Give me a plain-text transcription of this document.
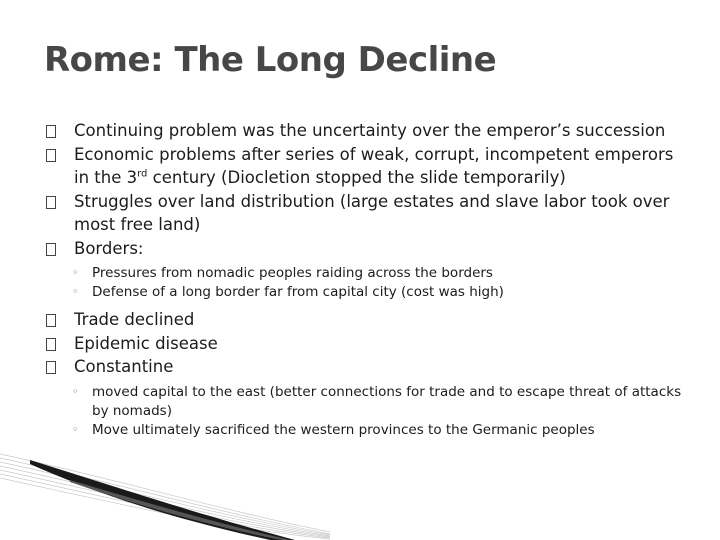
Rome: The Long Decline
Continuing problem was the uncertainty over the emperor’s succession
Economic problems after series of weak, corrupt, incompetent emperors in the 3rd century (Diocletion stopped the slide temporarily)
Struggles over land distribution (large estates and slave labor took over most free land)
Borders:
◦ Pressures from nomadic peoples raiding across the borders
◦ Defense of a long border far from capital city (cost was high)
Trade declined
Epidemic disease
Constantine
◦ moved capital to the east (better connections for trade and to escape threat of attacks by nomads)
◦ Move ultimately sacrificed the western provinces to the Germanic peoples
